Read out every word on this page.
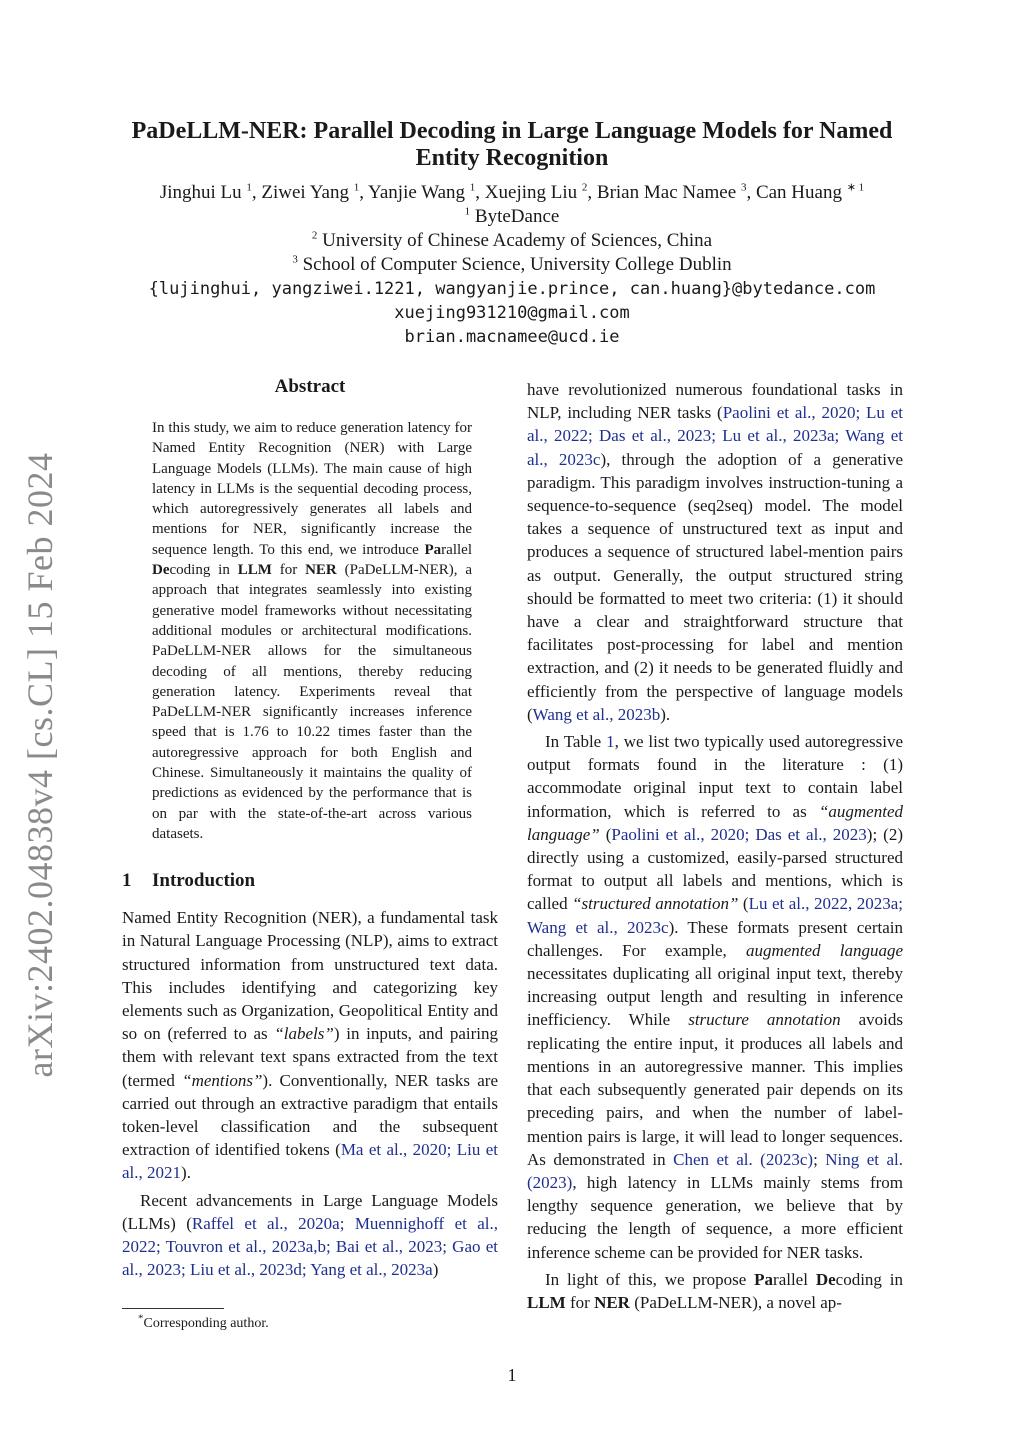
arXiv:2402.04838v4 [cs.CL] 15 Feb 2024
PaDeLLM-NER: Parallel Decoding in Large Language Models for Named Entity Recognition
Jinghui Lu $^1$, Ziwei Yang $^1$, Yanjie Wang $^1$, Xuejing Liu $^2$, Brian Mac Namee $^3$, Can Huang $^{∗ 1}$
$^1$ ByteDance
$^2$ University of Chinese Academy of Sciences, China
$^3$ School of Computer Science, University College Dublin
{lujinghui, yangziwei.1221, wangyanjie.prince, can.huang}@bytedance.com
xuejing931210@gmail.com
brian.macnamee@ucd.ie
Abstract

In this study, we aim to reduce generation latency for Named Entity Recognition (NER) with Large Language Models (LLMs). The main cause of high latency in LLMs is the sequential decoding process, which autoregressively generates all labels and mentions for NER, significantly increase the sequence length. To this end, we introduce Parallel Decoding in LLM for NER (PaDeLLM-NER), a approach that integrates seamlessly into existing generative model frameworks without necessitating additional modules or architectural modifications. PaDeLLM-NER allows for the simultaneous decoding of all mentions, thereby reducing generation latency. Experiments reveal that PaDeLLM-NER significantly increases inference speed that is 1.76 to 10.22 times faster than the autoregressive approach for both English and Chinese. Simultaneously it maintains the quality of predictions as evidenced by the performance that is on par with the state-of-the-art across various datasets.

1 Introduction

Named Entity Recognition (NER), a fundamental task in Natural Language Processing (NLP), aims to extract structured information from unstructured text data. This includes identifying and categorizing key elements such as Organization, Geopolitical Entity and so on (referred to as “labels”) in inputs, and pairing them with relevant text spans extracted from the text (termed “mentions”). Conventionally, NER tasks are carried out through an extractive paradigm that entails token-level classification and the subsequent extraction of identified tokens (Ma et al., 2020; Liu et al., 2021).

Recent advancements in Large Language Models (LLMs) (Raffel et al., 2020a; Muennighoff et al., 2022; Touvron et al., 2023a,b; Bai et al., 2023; Gao et al., 2023; Liu et al., 2023d; Yang et al., 2023a)

have revolutionized numerous foundational tasks in NLP, including NER tasks (Paolini et al., 2020; Lu et al., 2022; Das et al., 2023; Lu et al., 2023a; Wang et al., 2023c), through the adoption of a generative paradigm. This paradigm involves instruction-tuning a sequence-to-sequence (seq2seq) model. The model takes a sequence of unstructured text as input and produces a sequence of structured label-mention pairs as output. Generally, the output structured string should be formatted to meet two criteria: (1) it should have a clear and straightforward structure that facilitates post-processing for label and mention extraction, and (2) it needs to be generated fluidly and efficiently from the perspective of language models (Wang et al., 2023b).

In Table 1, we list two typically used autoregressive output formats found in the literature : (1) accommodate original input text to contain label information, which is referred to as “augmented language” (Paolini et al., 2020; Das et al., 2023); (2) directly using a customized, easily-parsed structured format to output all labels and mentions, which is called “structured annotation” (Lu et al., 2022, 2023a; Wang et al., 2023c). These formats present certain challenges. For example, augmented language necessitates duplicating all original input text, thereby increasing output length and resulting in inference inefficiency. While structure annotation avoids replicating the entire input, it produces all labels and mentions in an autoregressive manner. This implies that each subsequently generated pair depends on its preceding pairs, and when the number of label-mention pairs is large, it will lead to longer sequences. As demonstrated in Chen et al. (2023c); Ning et al. (2023), high latency in LLMs mainly stems from lengthy sequence generation, we believe that by reducing the length of sequence, a more efficient inference scheme can be provided for NER tasks.

In light of this, we propose Parallel Decoding in LLM for NER (PaDeLLM-NER), a novel ap-

*Corresponding author.
1
